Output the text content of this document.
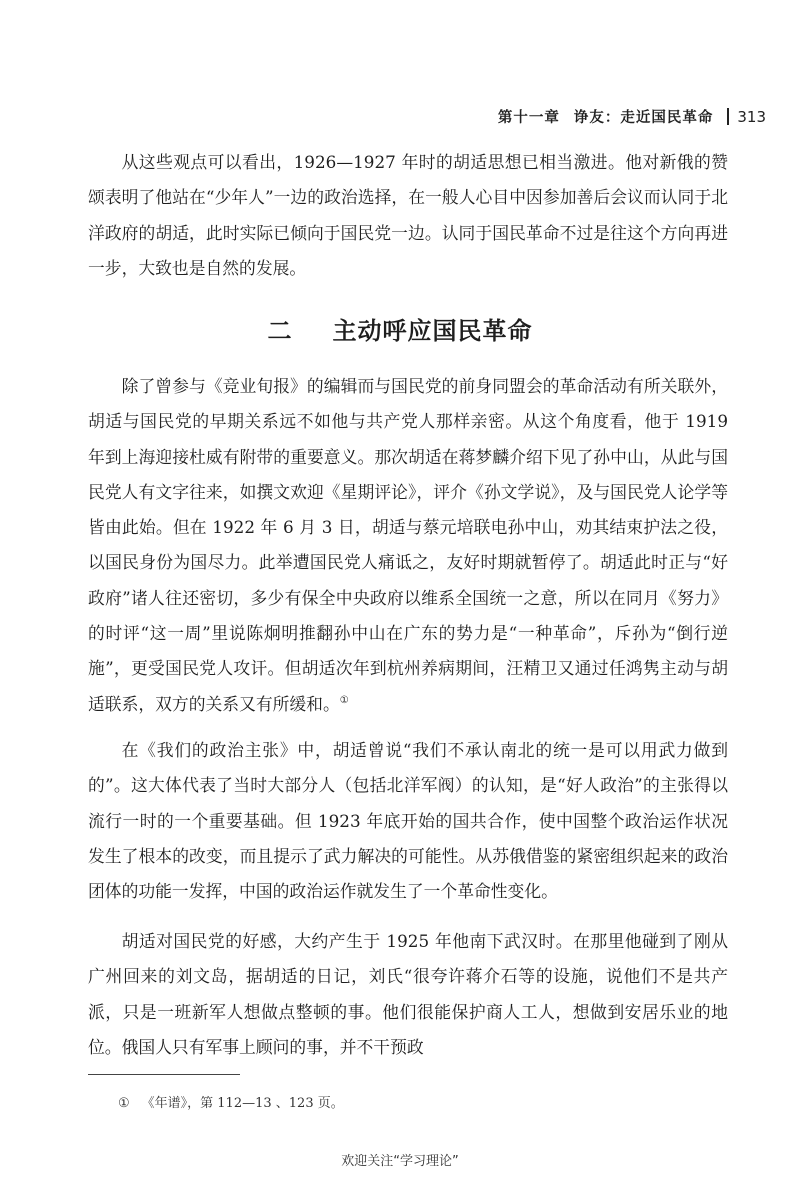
第十一章 诤友：走近国民革命 313

从这些观点可以看出，1926—1927 年时的胡适思想已相当激进。他对新俄的赞颂表明了他站在“少年人”一边的政治选择，在一般人心目中因参加善后会议而认同于北洋政府的胡适，此时实际已倾向于国民党一边。认同于国民革命不过是往这个方向再进一步，大致也是自然的发展。

二 主动呼应国民革命

除了曾参与《竞业旬报》的编辑而与国民党的前身同盟会的革命活动有所关联外，胡适与国民党的早期关系远不如他与共产党人那样亲密。从这个角度看，他于 1919 年到上海迎接杜威有附带的重要意义。那次胡适在蒋梦麟介绍下见了孙中山，从此与国民党人有文字往来，如撰文欢迎《星期评论》，评介《孙文学说》，及与国民党人论学等皆由此始。但在 1922 年 6 月 3 日，胡适与蔡元培联电孙中山，劝其结束护法之役，以国民身份为国尽力。此举遭国民党人痛诋之，友好时期就暂停了。胡适此时正与“好政府”诸人往还密切，多少有保全中央政府以维系全国统一之意，所以在同月《努力》的时评“这一周”里说陈炯明推翻孙中山在广东的势力是“一种革命”，斥孙为“倒行逆施”，更受国民党人攻讦。但胡适次年到杭州养病期间，汪精卫又通过任鸿隽主动与胡适联系，双方的关系又有所缓和。①

在《我们的政治主张》中，胡适曾说“我们不承认南北的统一是可以用武力做到的”。这大体代表了当时大部分人（包括北洋军阀）的认知，是“好人政治”的主张得以流行一时的一个重要基础。但 1923 年底开始的国共合作，使中国整个政治运作状况发生了根本的改变，而且提示了武力解决的可能性。从苏俄借鉴的紧密组织起来的政治团体的功能一发挥，中国的政治运作就发生了一个革命性变化。

胡适对国民党的好感，大约产生于 1925 年他南下武汉时。在那里他碰到了刚从广州回来的刘文岛，据胡适的日记，刘氏“很夸许蒋介石等的设施，说他们不是共产派，只是一班新军人想做点整顿的事。他们很能保护商人工人，想做到安居乐业的地位。俄国人只有军事上顾问的事，并不干预政

① 《年谱》，第 112—13 、123 页。
欢迎关注“学习理论”
